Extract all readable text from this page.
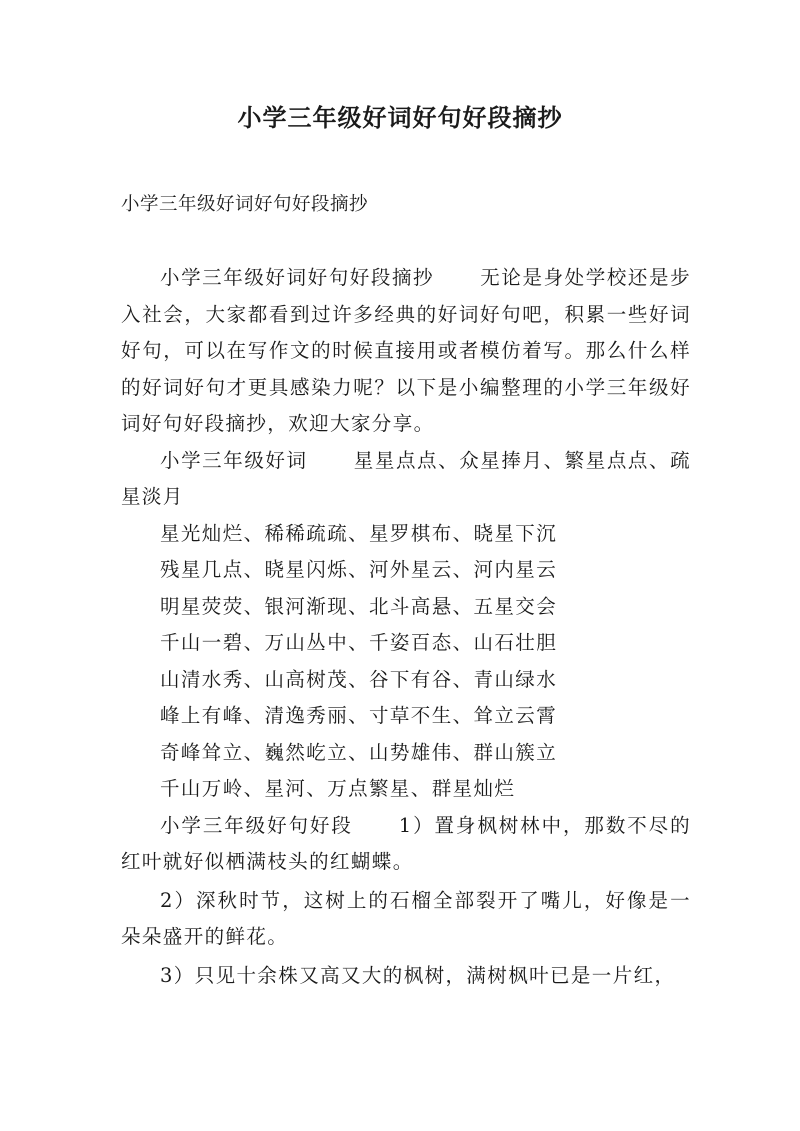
小学三年级好词好句好段摘抄

小学三年级好词好句好段摘抄

小学三年级好词好句好段摘抄 无论是身处学校还是步入社会，大家都看到过许多经典的好词好句吧，积累一些好词好句，可以在写作文的时候直接用或者模仿着写。那么什么样的好词好句才更具感染力呢？以下是小编整理的小学三年级好词好句好段摘抄，欢迎大家分享。

小学三年级好词 星星点点、众星捧月、繁星点点、疏星淡月

星光灿烂、稀稀疏疏、星罗棋布、晓星下沉
残星几点、晓星闪烁、河外星云、河内星云
明星荧荧、银河渐现、北斗高悬、五星交会
千山一碧、万山丛中、千姿百态、山石壮胆
山清水秀、山高树茂、谷下有谷、青山绿水
峰上有峰、清逸秀丽、寸草不生、耸立云霄
奇峰耸立、巍然屹立、山势雄伟、群山簇立
千山万岭、星河、万点繁星、群星灿烂

小学三年级好句好段 1）置身枫树林中，那数不尽的红叶就好似栖满枝头的红蝴蝶。

2）深秋时节，这树上的石榴全部裂开了嘴儿，好像是一朵朵盛开的鲜花。

3）只见十余株又高又大的枫树，满树枫叶已是一片红，
